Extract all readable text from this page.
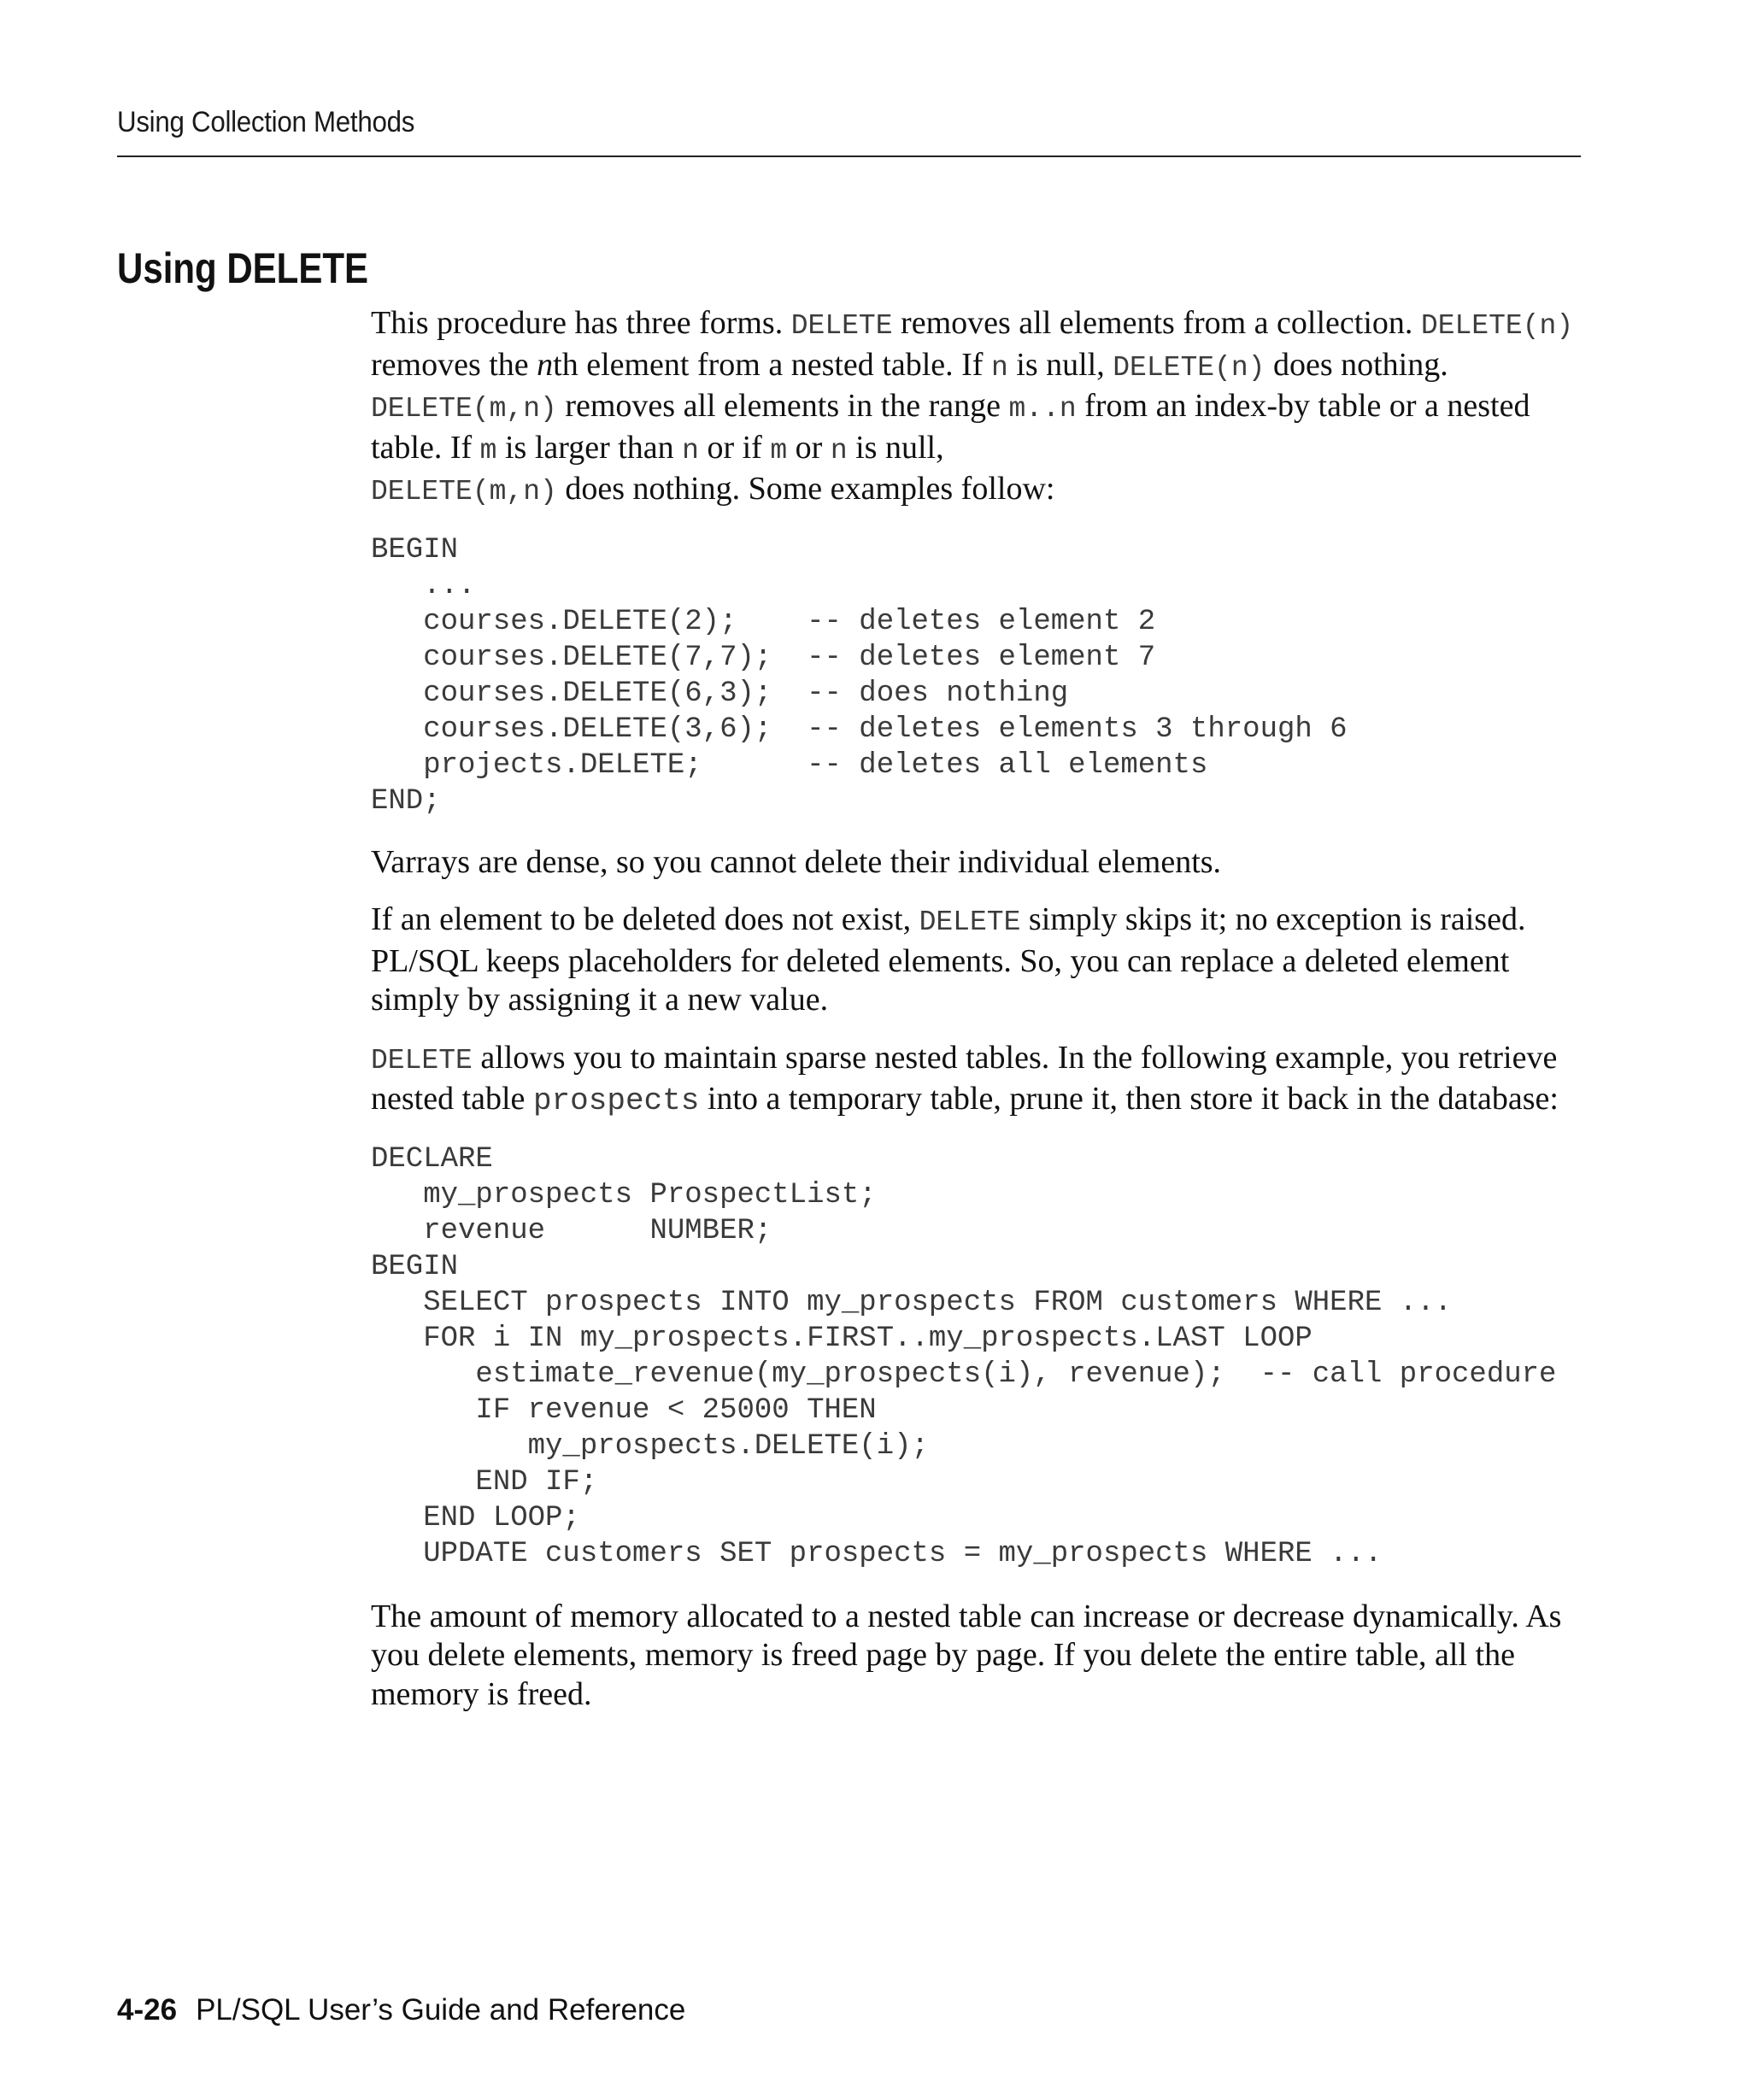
Using Collection Methods
Using DELETE

This procedure has three forms. DELETE removes all elements from a collection. DELETE(n) removes the nth element from a nested table. If n is null, DELETE(n) does nothing. DELETE(m,n) removes all elements in the range m..n from an index-by table or a nested table. If m is larger than n or if m or n is null,
DELETE(m,n) does nothing. Some examples follow:

BEGIN
...
courses.DELETE(2);    -- deletes element 2
courses.DELETE(7,7);  -- deletes element 7
courses.DELETE(6,3);  -- does nothing
courses.DELETE(3,6);  -- deletes elements 3 through 6
projects.DELETE;      -- deletes all elements
END;

Varrays are dense, so you cannot delete their individual elements.

If an element to be deleted does not exist, DELETE simply skips it; no exception is raised. PL/SQL keeps placeholders for deleted elements. So, you can replace a deleted element simply by assigning it a new value.

DELETE allows you to maintain sparse nested tables. In the following example, you retrieve nested table prospects into a temporary table, prune it, then store it back in the database:

DECLARE
my_prospects ProspectList;
revenue      NUMBER;
BEGIN
SELECT prospects INTO my_prospects FROM customers WHERE ...
FOR i IN my_prospects.FIRST..my_prospects.LAST LOOP
estimate_revenue(my_prospects(i), revenue);  -- call procedure
IF revenue < 25000 THEN
my_prospects.DELETE(i);
END IF;
END LOOP;
UPDATE customers SET prospects = my_prospects WHERE ...

The amount of memory allocated to a nested table can increase or decrease dynamically. As you delete elements, memory is freed page by page. If you delete the entire table, all the memory is freed.

4-26 PL/SQL User’s Guide and Reference
